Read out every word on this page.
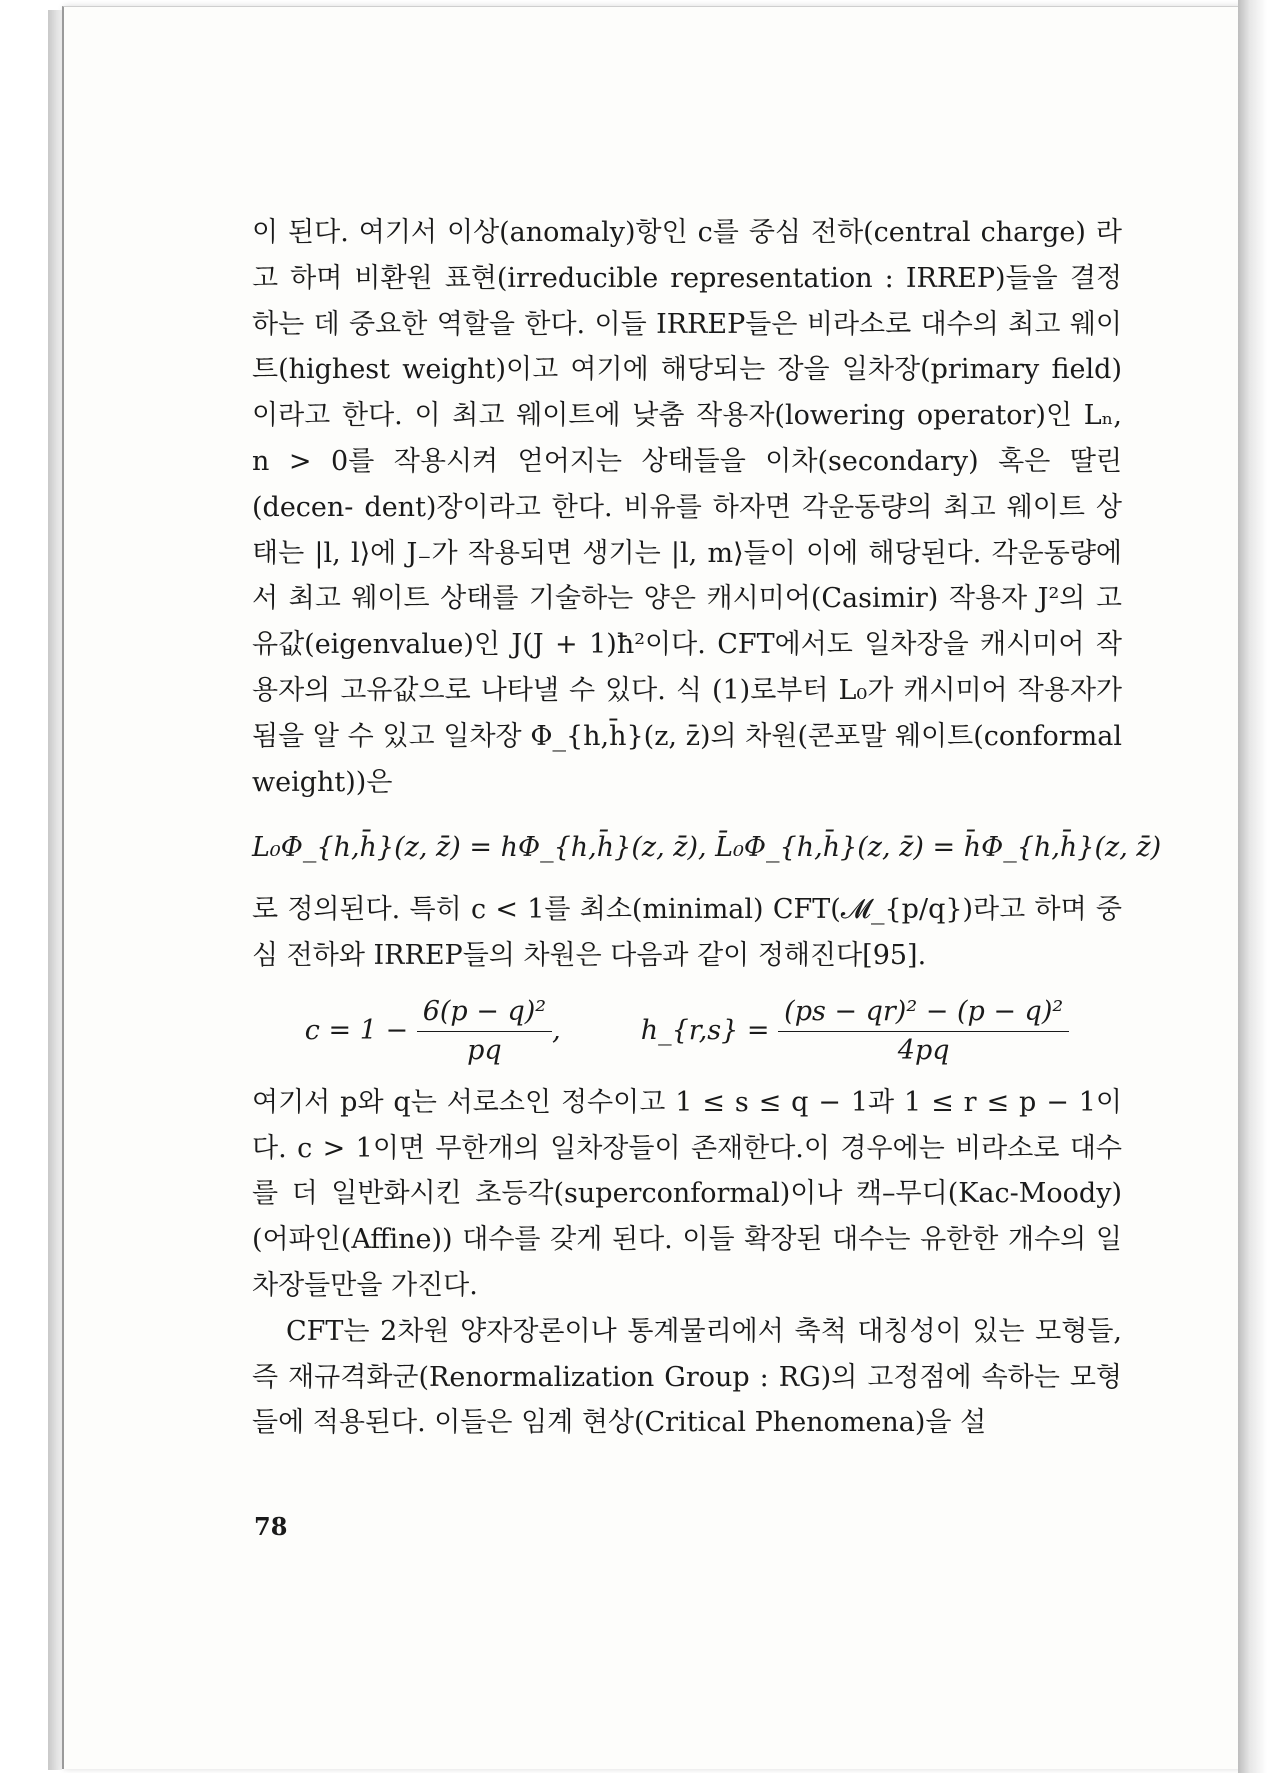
이 된다. 여기서 이상(anomaly)항인 c를 중심 전하(central charge) 라고 하며 비환원 표현(irreducible representation : IRREP)들을 결정하는 데 중요한 역할을 한다. 이들 IRREP들은 비라소로 대수의 최고 웨이트(highest weight)이고 여기에 해당되는 장을 일차장(primary field)이라고 한다. 이 최고 웨이트에 낮춤 작용자(lowering operator)인 Lₙ, n > 0를 작용시켜 얻어지는 상태들을 이차(secondary) 혹은 딸린(decen- dent)장이라고 한다. 비유를 하자면 각운동량의 최고 웨이트 상태는 |l, l⟩에 J₋가 작용되면 생기는 |l, m⟩들이 이에 해당된다. 각운동량에서 최고 웨이트 상태를 기술하는 양은 캐시미어(Casimir) 작용자 J²의 고유값(eigenvalue)인 J(J + 1)ħ²이다. CFT에서도 일차장을 캐시미어 작용자의 고유값으로 나타낼 수 있다. 식 (1)로부터 L₀가 캐시미어 작용자가 됨을 알 수 있고 일차장 Φ_{h,h̄}(z, z̄)의 차원(콘포말 웨이트(conformal weight))은

L₀Φ_{h,h̄}(z, z̄) = hΦ_{h,h̄}(z, z̄), L̄₀Φ_{h,h̄}(z, z̄) = h̄Φ_{h,h̄}(z, z̄)

로 정의된다. 특히 c < 1를 최소(minimal) CFT(𝓜_{p/q})라고 하며 중심 전하와 IRREP들의 차원은 다음과 같이 정해진다[95].

$c = 1 - \frac{\text{6(p − q)²}}{pq}$ ,	h_{r,s} = $\frac{\text{(ps − qr)² − (p − q)²}}{4pq}$

여기서 p와 q는 서로소인 정수이고 1 ≤ s ≤ q − 1과 1 ≤ r ≤ p − 1이다. c > 1이면 무한개의 일차장들이 존재한다.이 경우에는 비라소로 대수를 더 일반화시킨 초등각(superconformal)이나 캑–무디(Kac-Moody)(어파인(Affine)) 대수를 갖게 된다. 이들 확장된 대수는 유한한 개수의 일차장들만을 가진다.

CFT는 2차원 양자장론이나 통계물리에서 축척 대칭성이 있는 모형들, 즉 재규격화군(Renormalization Group : RG)의 고정점에 속하는 모형들에 적용된다. 이들은 임계 현상(Critical Phenomena)을 설

78
